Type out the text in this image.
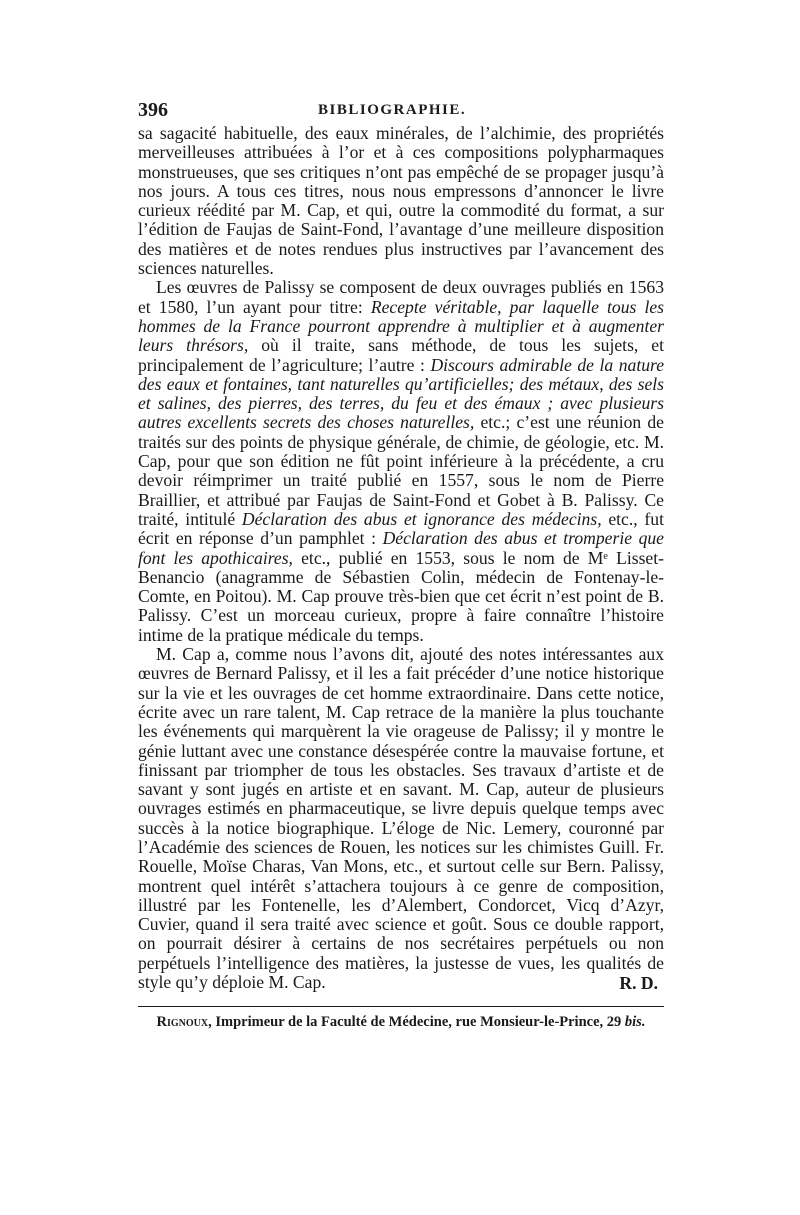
396	BIBLIOGRAPHIE.

sa sagacité habituelle, des eaux minérales, de l’alchimie, des propriétés merveilleuses attribuées à l’or et à ces compositions polypharmaques monstrueuses, que ses critiques n’ont pas empêché de se propager jusqu’à nos jours. A tous ces titres, nous nous empressons d’annoncer le livre curieux réédité par M. Cap, et qui, outre la commodité du format, a sur l’édition de Faujas de Saint-Fond, l’avantage d’une meilleure disposition des matières et de notes rendues plus instructives par l’avancement des sciences naturelles.

Les œuvres de Palissy se composent de deux ouvrages publiés en 1563 et 1580, l’un ayant pour titre: Recepte véritable, par laquelle tous les hommes de la France pourront apprendre à multiplier et à augmenter leurs thrésors, où il traite, sans méthode, de tous les sujets, et principalement de l’agriculture; l’autre : Discours admirable de la nature des eaux et fontaines, tant naturelles qu’artificielles; des métaux, des sels et salines, des pierres, des terres, du feu et des émaux ; avec plusieurs autres excellents secrets des choses naturelles, etc.; c’est une réunion de traités sur des points de physique générale, de chimie, de géologie, etc. M. Cap, pour que son édition ne fût point inférieure à la précédente, a cru devoir réimprimer un traité publié en 1557, sous le nom de Pierre Braillier, et attribué par Faujas de Saint-Fond et Gobet à B. Palissy. Ce traité, intitulé Déclaration des abus et ignorance des médecins, etc., fut écrit en réponse d’un pamphlet : Déclaration des abus et tromperie que font les apothicaires, etc., publié en 1553, sous le nom de Mᵉ Lisset-Benancio (anagramme de Sébastien Colin, médecin de Fontenay-le-Comte, en Poitou). M. Cap prouve très-bien que cet écrit n’est point de B. Palissy. C’est un morceau curieux, propre à faire connaître l’histoire intime de la pratique médicale du temps.

M. Cap a, comme nous l’avons dit, ajouté des notes intéressantes aux œuvres de Bernard Palissy, et il les a fait précéder d’une notice historique sur la vie et les ouvrages de cet homme extraordinaire. Dans cette notice, écrite avec un rare talent, M. Cap retrace de la manière la plus touchante les événements qui marquèrent la vie orageuse de Palissy; il y montre le génie luttant avec une constance désespérée contre la mauvaise fortune, et finissant par triompher de tous les obstacles. Ses travaux d’artiste et de savant y sont jugés en artiste et en savant. M. Cap, auteur de plusieurs ouvrages estimés en pharmaceutique, se livre depuis quelque temps avec succès à la notice biographique. L’éloge de Nic. Lemery, couronné par l’Académie des sciences de Rouen, les notices sur les chimistes Guill. Fr. Rouelle, Moïse Charas, Van Mons, etc., et surtout celle sur Bern. Palissy, montrent quel intérêt s’attachera toujours à ce genre de composition, illustré par les Fontenelle, les d’Alembert, Condorcet, Vicq d’Azyr, Cuvier, quand il sera traité avec science et goût. Sous ce double rapport, on pourrait désirer à certains de nos secrétaires perpétuels ou non perpétuels l’intelligence des matières, la justesse de vues, les qualités de style qu’y déploie M. Cap.	R. D.
Rignoux, Imprimeur de la Faculté de Médecine, rue Monsieur-le-Prince, 29 bis.
